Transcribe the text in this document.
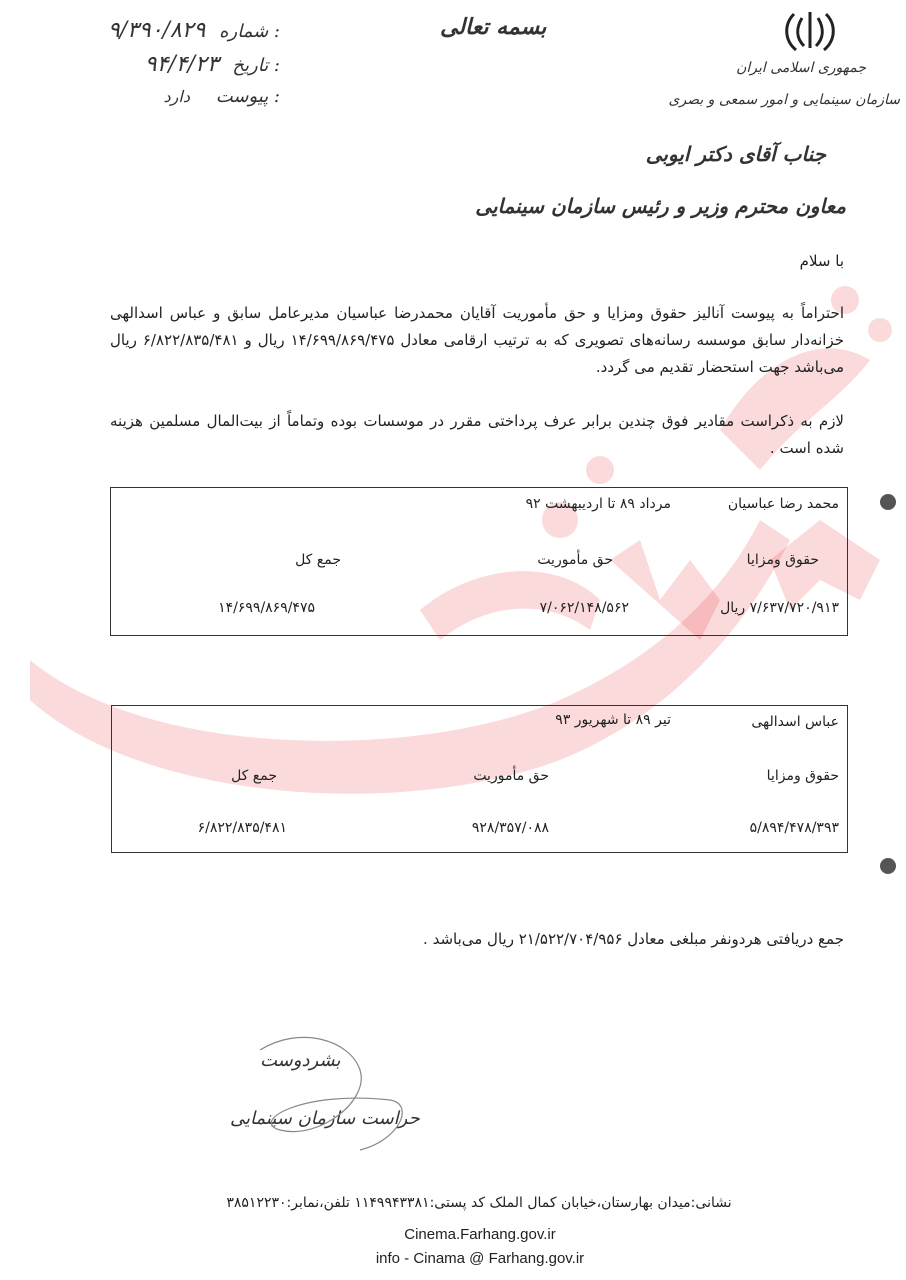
جمهوری اسلامی ایران
سازمان سینمایی و امور سمعی و بصری
بسمه تعالی
: شماره ۹/۳۹۰/۸۲۹
: تاریخ ۹۴/۴/۲۳
: پیوست دارد
جناب آقای دکتر ایوبی
معاون محترم وزیر و رئیس سازمان سینمایی
با سلام
احتراماً به پیوست آنالیز حقوق ومزایا و حق مأموریت آقایان محمدرضا عباسیان مدیرعامل سابق و عباس اسدالهی خزانه‌دار سابق موسسه رسانه‌های تصویری که به ترتیب ارقامی معادل ۱۴/۶۹۹/۸۶۹/۴۷۵ ریال و ۶/۸۲۲/۸۳۵/۴۸۱ ریال می‌باشد جهت استحضار تقدیم می گردد.
لازم به ذکراست مقادیر فوق چندین برابر عرف پرداختی مقرر در موسسات بوده وتماماً از بیت‌المال مسلمین هزینه شده است .
محمد رضا عباسیان
مرداد ۸۹ تا اردیبهشت ۹۲
حقوق ومزایا
حق مأموریت
جمع کل
۷/۶۳۷/۷۲۰/۹۱۳ ریال
۷/۰۶۲/۱۴۸/۵۶۲
۱۴/۶۹۹/۸۶۹/۴۷۵
عباس اسدالهی
تیر ۸۹ تا شهریور ۹۳
حقوق ومزایا
حق مأموریت
جمع کل
۵/۸۹۴/۴۷۸/۳۹۳
۹۲۸/۳۵۷/۰۸۸
۶/۸۲۲/۸۳۵/۴۸۱
جمع دریافتی هردونفر مبلغی معادل ۲۱/۵۲۲/۷۰۴/۹۵۶ ریال می‌باشد .
بشردوست
حراست سازمان سینمایی
نشانی:میدان بهارستان،خیابان کمال الملک کد پستی:۱۱۴۹۹۴۳۳۸۱ تلفن،نمابر:۳۸۵۱۲۲۳۰
Cinema.Farhang.gov.ir
info - Cinama @ Farhang.gov.ir
